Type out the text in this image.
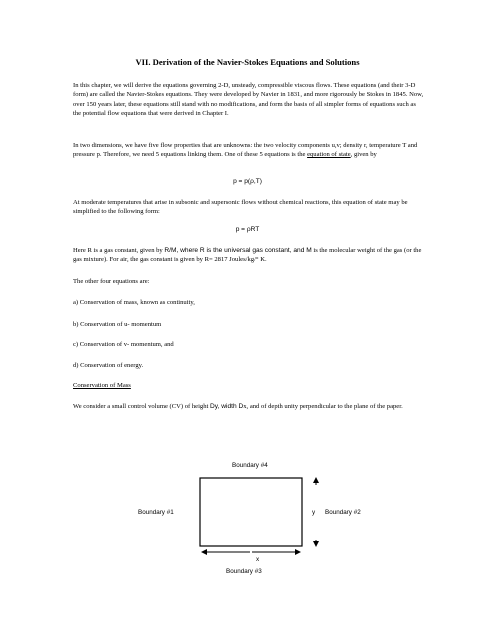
VII. Derivation of the Navier-Stokes Equations and Solutions
In this chapter, we will derive the equations governing 2-D, unsteady, compressible viscous flows. These equations (and their 3-D form) are called the Navier-Stokes equations. They were developed by Navier in 1831, and more rigorously be Stokes in 1845. Now, over 150 years later, these equations still stand with no modifications, and form the basis of all simpler forms of equations such as the potential flow equations that were derived in Chapter I.
In two dimensions, we have five flow properties that are unknowns: the two velocity components u,v; density r, temperature T and pressure p. Therefore, we need 5 equations linking them. One of these 5 equations is the equation of state, given by
p = p(ρ,T)
At moderate temperatures that arise in subsonic and supersonic flows without chemical reactions, this equation of state may be simplified to the following form:
p = ρRT
Here R is a gas constant, given by R/M, where R is the universal gas constant, and M is the molecular weight of the gas (or the gas mixture). For air, the gas constant is given by R= 2817 Joules/kg/° K.
The other four equations are:
a) Conservation of mass, known as continuity,
b) Conservation of u- momentum
c) Conservation of v- momentum, and
d) Conservation of energy.
Conservation of Mass
We consider a small control volume (CV) of height Dy, width Dx, and of depth unity perpendicular to the plane of the paper.
Boundary #4
Boundary #1	y Boundary #2
x
Boundary #3
